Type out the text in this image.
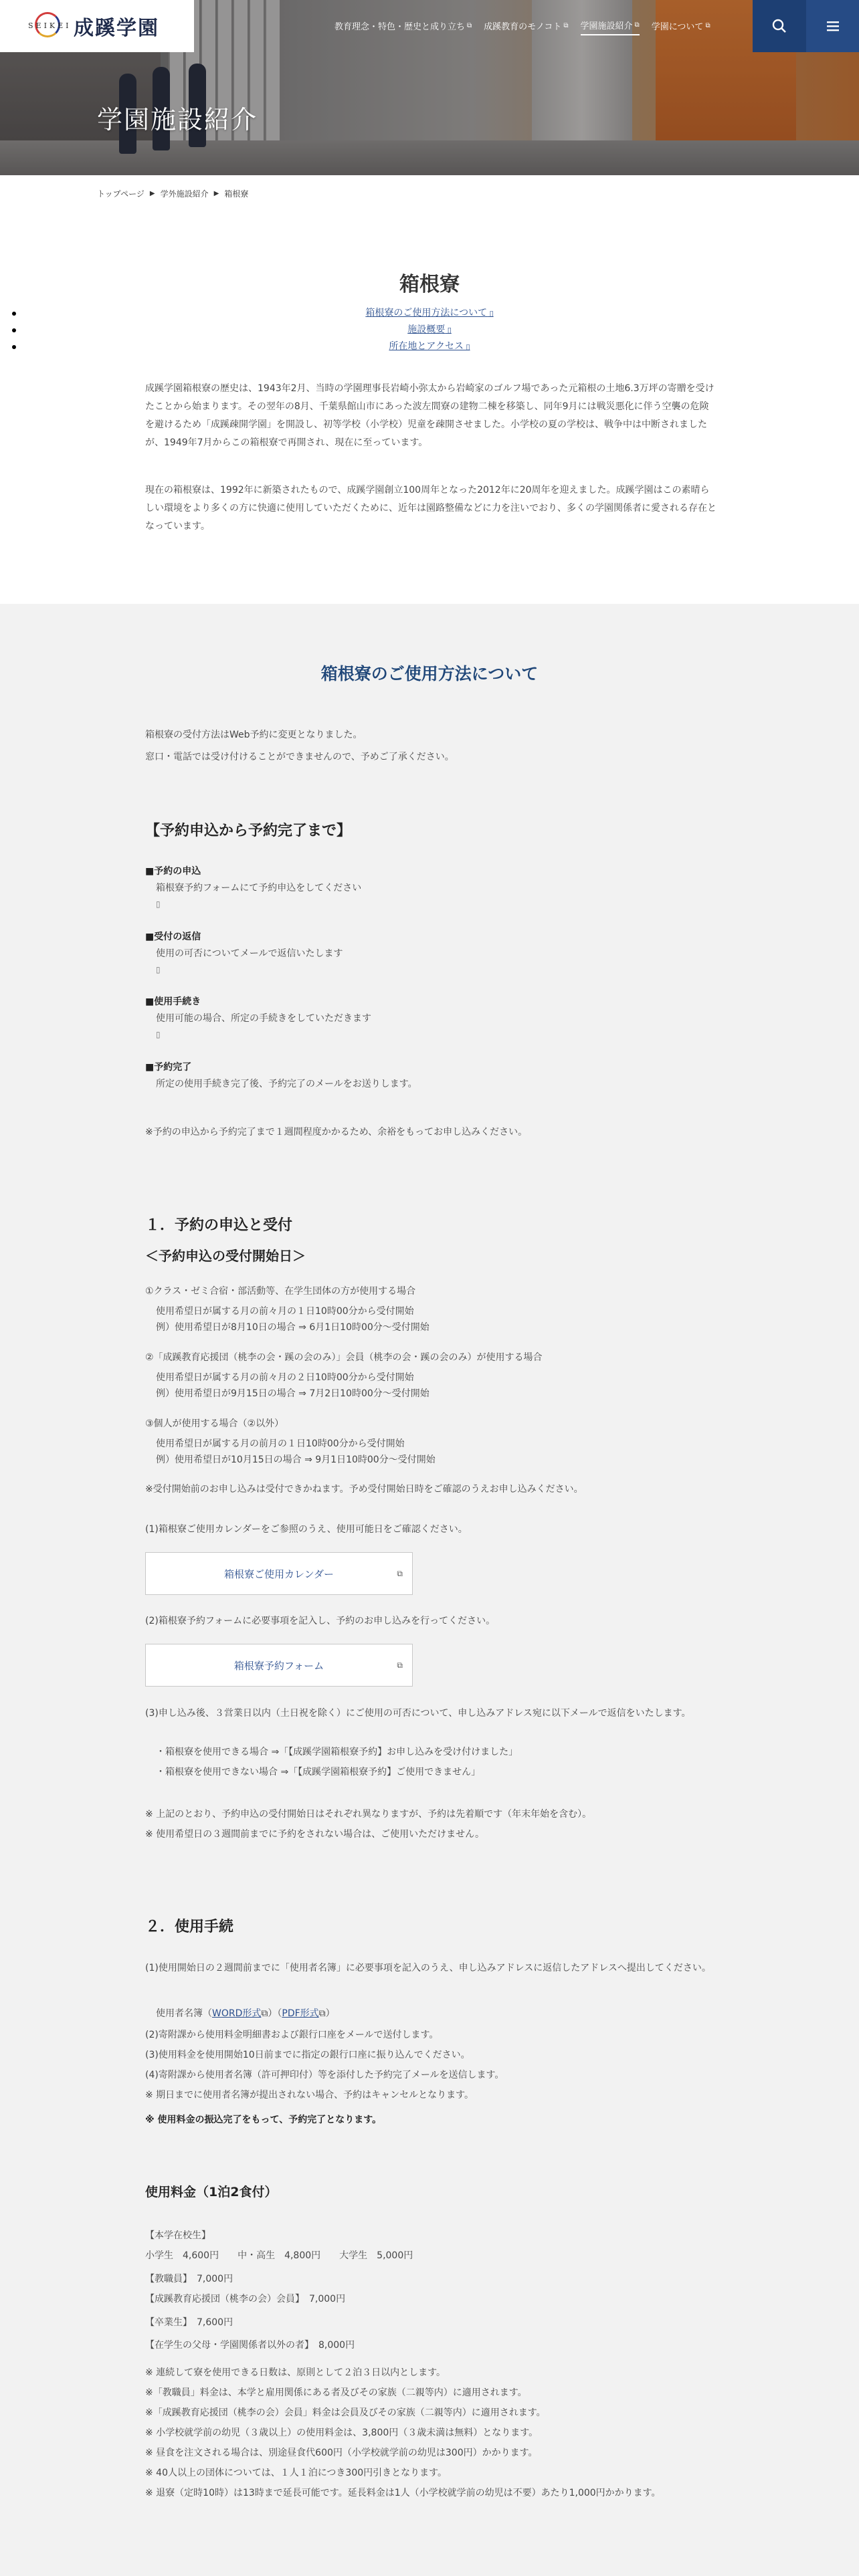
学園施設紹介
SEIKEI 成蹊学園	教育理念・特色・歴史と成り立ち ⧉ 成蹊教育のモノコト ⧉ 学園施設紹介 ⧉ 学園について ⧉
トップページ ▶ 学外施設紹介 ▶ 箱根寮
箱根寮
箱根寮のご使用方法について ▯
施設概要 ▯
所在地とアクセス ▯

成蹊学園箱根寮の歴史は、1943年2月、当時の学園理事長岩崎小弥太から岩崎家のゴルフ場であった元箱根の土地6.3万坪の寄贈を受けたことから始まります。その翌年の8月、千葉県館山市にあった波左間寮の建物二棟を移築し、同年9月には戦災悪化に伴う空襲の危険を避けるため「成蹊疎開学園」を開設し、初等学校（小学校）児童を疎開させました。小学校の夏の学校は、戦争中は中断されましたが、1949年7月からこの箱根寮で再開され、現在に至っています。

現在の箱根寮は、1992年に新築されたもので、成蹊学園創立100周年となった2012年に20周年を迎えました。成蹊学園はこの素晴らしい環境をより多くの方に快適に使用していただくために、近年は園路整備などに力を注いでおり、多くの学園関係者に愛される存在となっています。

箱根寮のご使用方法について

箱根寮の受付方法はWeb予約に変更となりました。

窓口・電話では受け付けることができませんので、予めご了承ください。

【予約申込から予約完了まで】

■予約の申込

箱根寮予約フォームにて予約申込をしてください

▯

■受付の返信

使用の可否についてメールで返信いたします

▯

■使用手続き

使用可能の場合、所定の手続きをしていただきます

▯

■予約完了

所定の使用手続き完了後、予約完了のメールをお送りします。

※予約の申込から予約完了まで１週間程度かかるため、余裕をもってお申し込みください。

１．予約の申込と受付
＜予約申込の受付開始日＞

①クラス・ゼミ合宿・部活動等、在学生団体の方が使用する場合

使用希望日が属する月の前々月の１日10時00分から受付開始

例）使用希望日が8月10日の場合 ⇒ 6月1日10時00分～受付開始

②「成蹊教育応援団（桃李の会・蹊の会のみ）」会員（桃李の会・蹊の会のみ）が使用する場合

使用希望日が属する月の前々月の２日10時00分から受付開始

例）使用希望日が9月15日の場合 ⇒ 7月2日10時00分～受付開始

③個人が使用する場合（②以外）

使用希望日が属する月の前月の１日10時00分から受付開始

例）使用希望日が10月15日の場合 ⇒ 9月1日10時00分～受付開始

※受付開始前のお申し込みは受付できかねます。予め受付開始日時をご確認のうえお申し込みください。

(1)箱根寮ご使用カレンダーをご参照のうえ、使用可能日をご確認ください。

箱根寮ご使用カレンダー	⧉

(2)箱根寮予約フォームに必要事項を記入し、予約のお申し込みを行ってください。

箱根寮予約フォーム	⧉

(3)申し込み後、３営業日以内（土日祝を除く）にご使用の可否について、申し込みアドレス宛に以下メールで返信をいたします。

・箱根寮を使用できる場合 ⇒「【成蹊学園箱根寮予約】お申し込みを受け付けました」

・箱根寮を使用できない場合 ⇒「【成蹊学園箱根寮予約】ご使用できません」

※ 上記のとおり、予約申込の受付開始日はそれぞれ異なりますが、予約は先着順です（年末年始を含む）。

※ 使用希望日の３週間前までに予約をされない場合は、ご使用いただけません。

２．使用手続

(1)使用開始日の２週間前までに「使用者名簿」に必要事項を記入のうえ、申し込みアドレスに返信したアドレスへ提出してください。

使用者名簿（WORD形式⧉）（PDF形式⧉）

(2)寄附課から使用料金明細書および銀行口座をメールで送付します。

(3)使用料金を使用開始10日前までに指定の銀行口座に振り込んでください。

(4)寄附課から使用者名簿（許可押印付）等を添付した予約完了メールを送信します。

※ 期日までに使用者名簿が提出されない場合、予約はキャンセルとなります。

※ 使用料金の振込完了をもって、予約完了となります。

使用料金（1泊2食付）

【本学在校生】

小学生　4,600円　　中・高生　4,800円　　大学生　5,000円

【教職員】　7,000円

【成蹊教育応援団（桃李の会）会員】　7,000円

【卒業生】　7,600円

【在学生の父母・学園関係者以外の者】　8,000円

※ 連続して寮を使用できる日数は、原則として２泊３日以内とします。

※「教職員」料金は、本学と雇用関係にある者及びその家族（二親等内）に適用されます。

※「成蹊教育応援団（桃李の会）会員」料金は会員及びその家族（二親等内）に適用されます。

※ 小学校就学前の幼児（３歳以上）の使用料金は、3,800円（３歳未満は無料）となります。

※ 昼食を注文される場合は、別途昼食代600円（小学校就学前の幼児は300円）かかります。

※ 40人以上の団体については、１人１泊につき300円引きとなります。

※ 退寮（定時10時）は13時まで延長可能です。延長料金は1人（小学校就学前の幼児は不要）あたり1,000円かかります。
